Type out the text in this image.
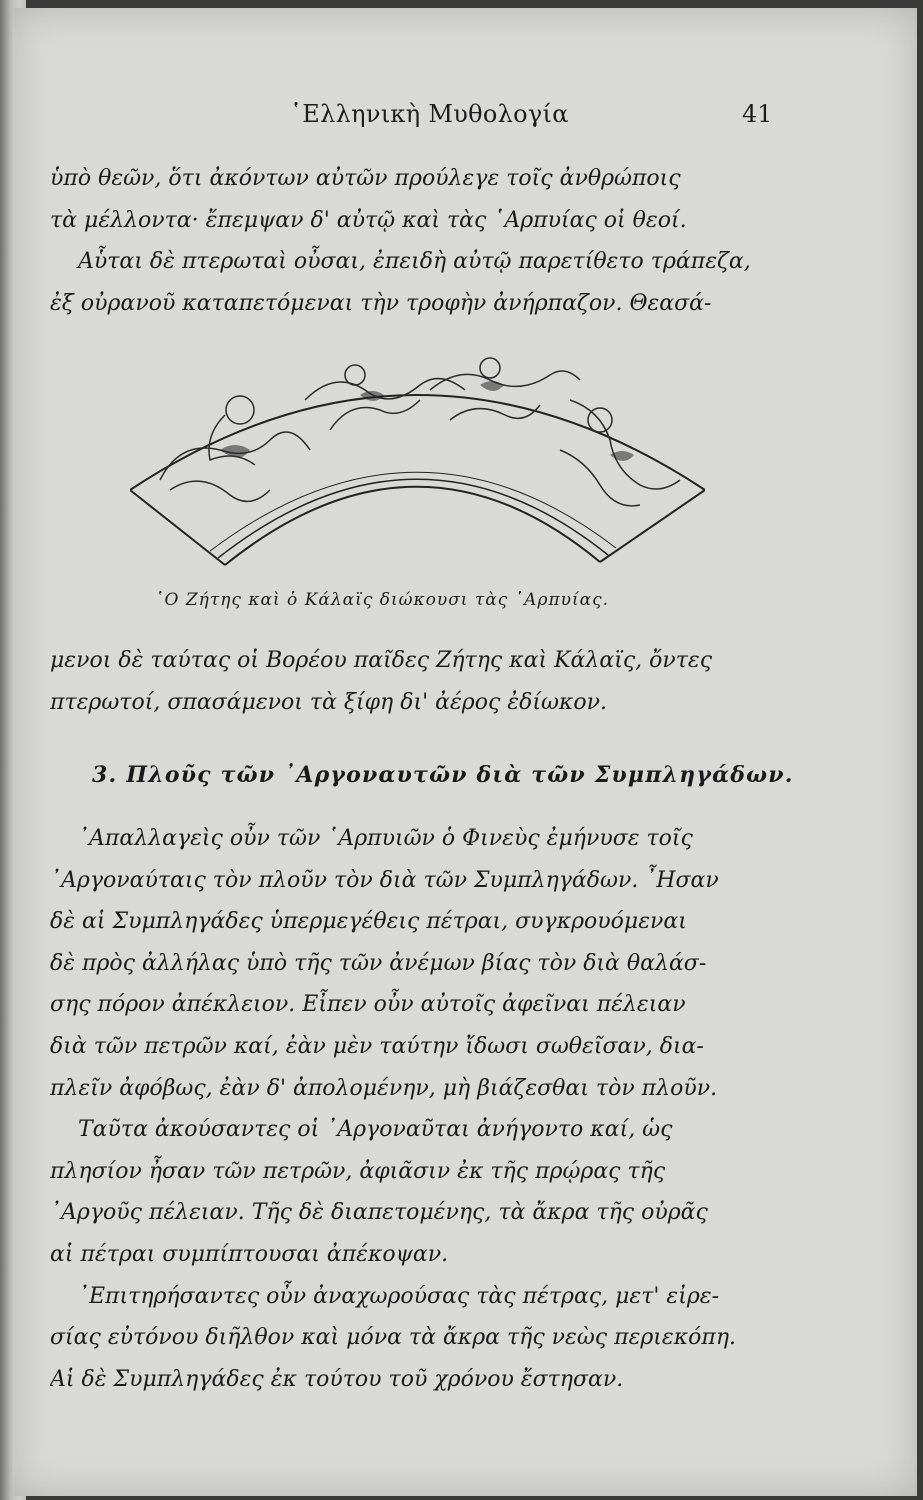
῾Ελληνικὴ Μυθολογία	41
ὑπὸ θεῶν, ὅτι ἀκόντων αὐτῶν προύλεγε τοῖς ἀνθρώποις
τὰ μέλλοντα· ἔπεμψαν δ' αὐτῷ καὶ τὰς ῾Αρπυίας οἱ θεοί.
Αὗται δὲ πτερωταὶ οὖσαι, ἐπειδὴ αὐτῷ παρετίθετο τράπεζα,
ἐξ οὐρανοῦ καταπετόμεναι τὴν τροφὴν ἀνήρπαζον. Θεασά-
῾Ο Ζήτης καὶ ὁ Κάλαϊς διώκουσι τὰς ῾Αρπυίας.
μενοι δὲ ταύτας οἱ Βορέου παῖδες Ζήτης καὶ Κάλαϊς, ὄντες
πτερωτοί, σπασάμενοι τὰ ξίφη δι' ἀέρος ἐδίωκον.
3. Πλοῦς τῶν ᾿Αργοναυτῶν διὰ τῶν Συμπληγάδων.
᾿Απαλλαγεὶς οὖν τῶν ῾Αρπυιῶν ὁ Φινεὺς ἐμήνυσε τοῖς
᾿Αργοναύταις τὸν πλοῦν τὸν διὰ τῶν Συμπληγάδων. ῏Ησαν
δὲ αἱ Συμπληγάδες ὑπερμεγέθεις πέτραι, συγκρουόμεναι
δὲ πρὸς ἀλλήλας ὑπὸ τῆς τῶν ἀνέμων βίας τὸν διὰ θαλάσ-
σης πόρον ἀπέκλειον. Εἶπεν οὖν αὐτοῖς ἀφεῖναι πέλειαν
διὰ τῶν πετρῶν καί, ἐὰν μὲν ταύτην ἴδωσι σωθεῖσαν, δια-
πλεῖν ἀφόβως, ἐὰν δ' ἀπολομένην, μὴ βιάζεσθαι τὸν πλοῦν.
Ταῦτα ἀκούσαντες οἱ ᾿Αργοναῦται ἀνήγοντο καί, ὡς
πλησίον ἦσαν τῶν πετρῶν, ἀφιᾶσιν ἐκ τῆς πρῴρας τῆς
᾿Αργοῦς πέλειαν. Τῆς δὲ διαπετομένης, τὰ ἄκρα τῆς οὐρᾶς
αἱ πέτραι συμπίπτουσαι ἀπέκοψαν.
᾿Επιτηρήσαντες οὖν ἀναχωρούσας τὰς πέτρας, μετ' εἰρε-
σίας εὐτόνου διῆλθον καὶ μόνα τὰ ἄκρα τῆς νεὼς περιεκόπη.
Αἱ δὲ Συμπληγάδες ἐκ τούτου τοῦ χρόνου ἔστησαν.
